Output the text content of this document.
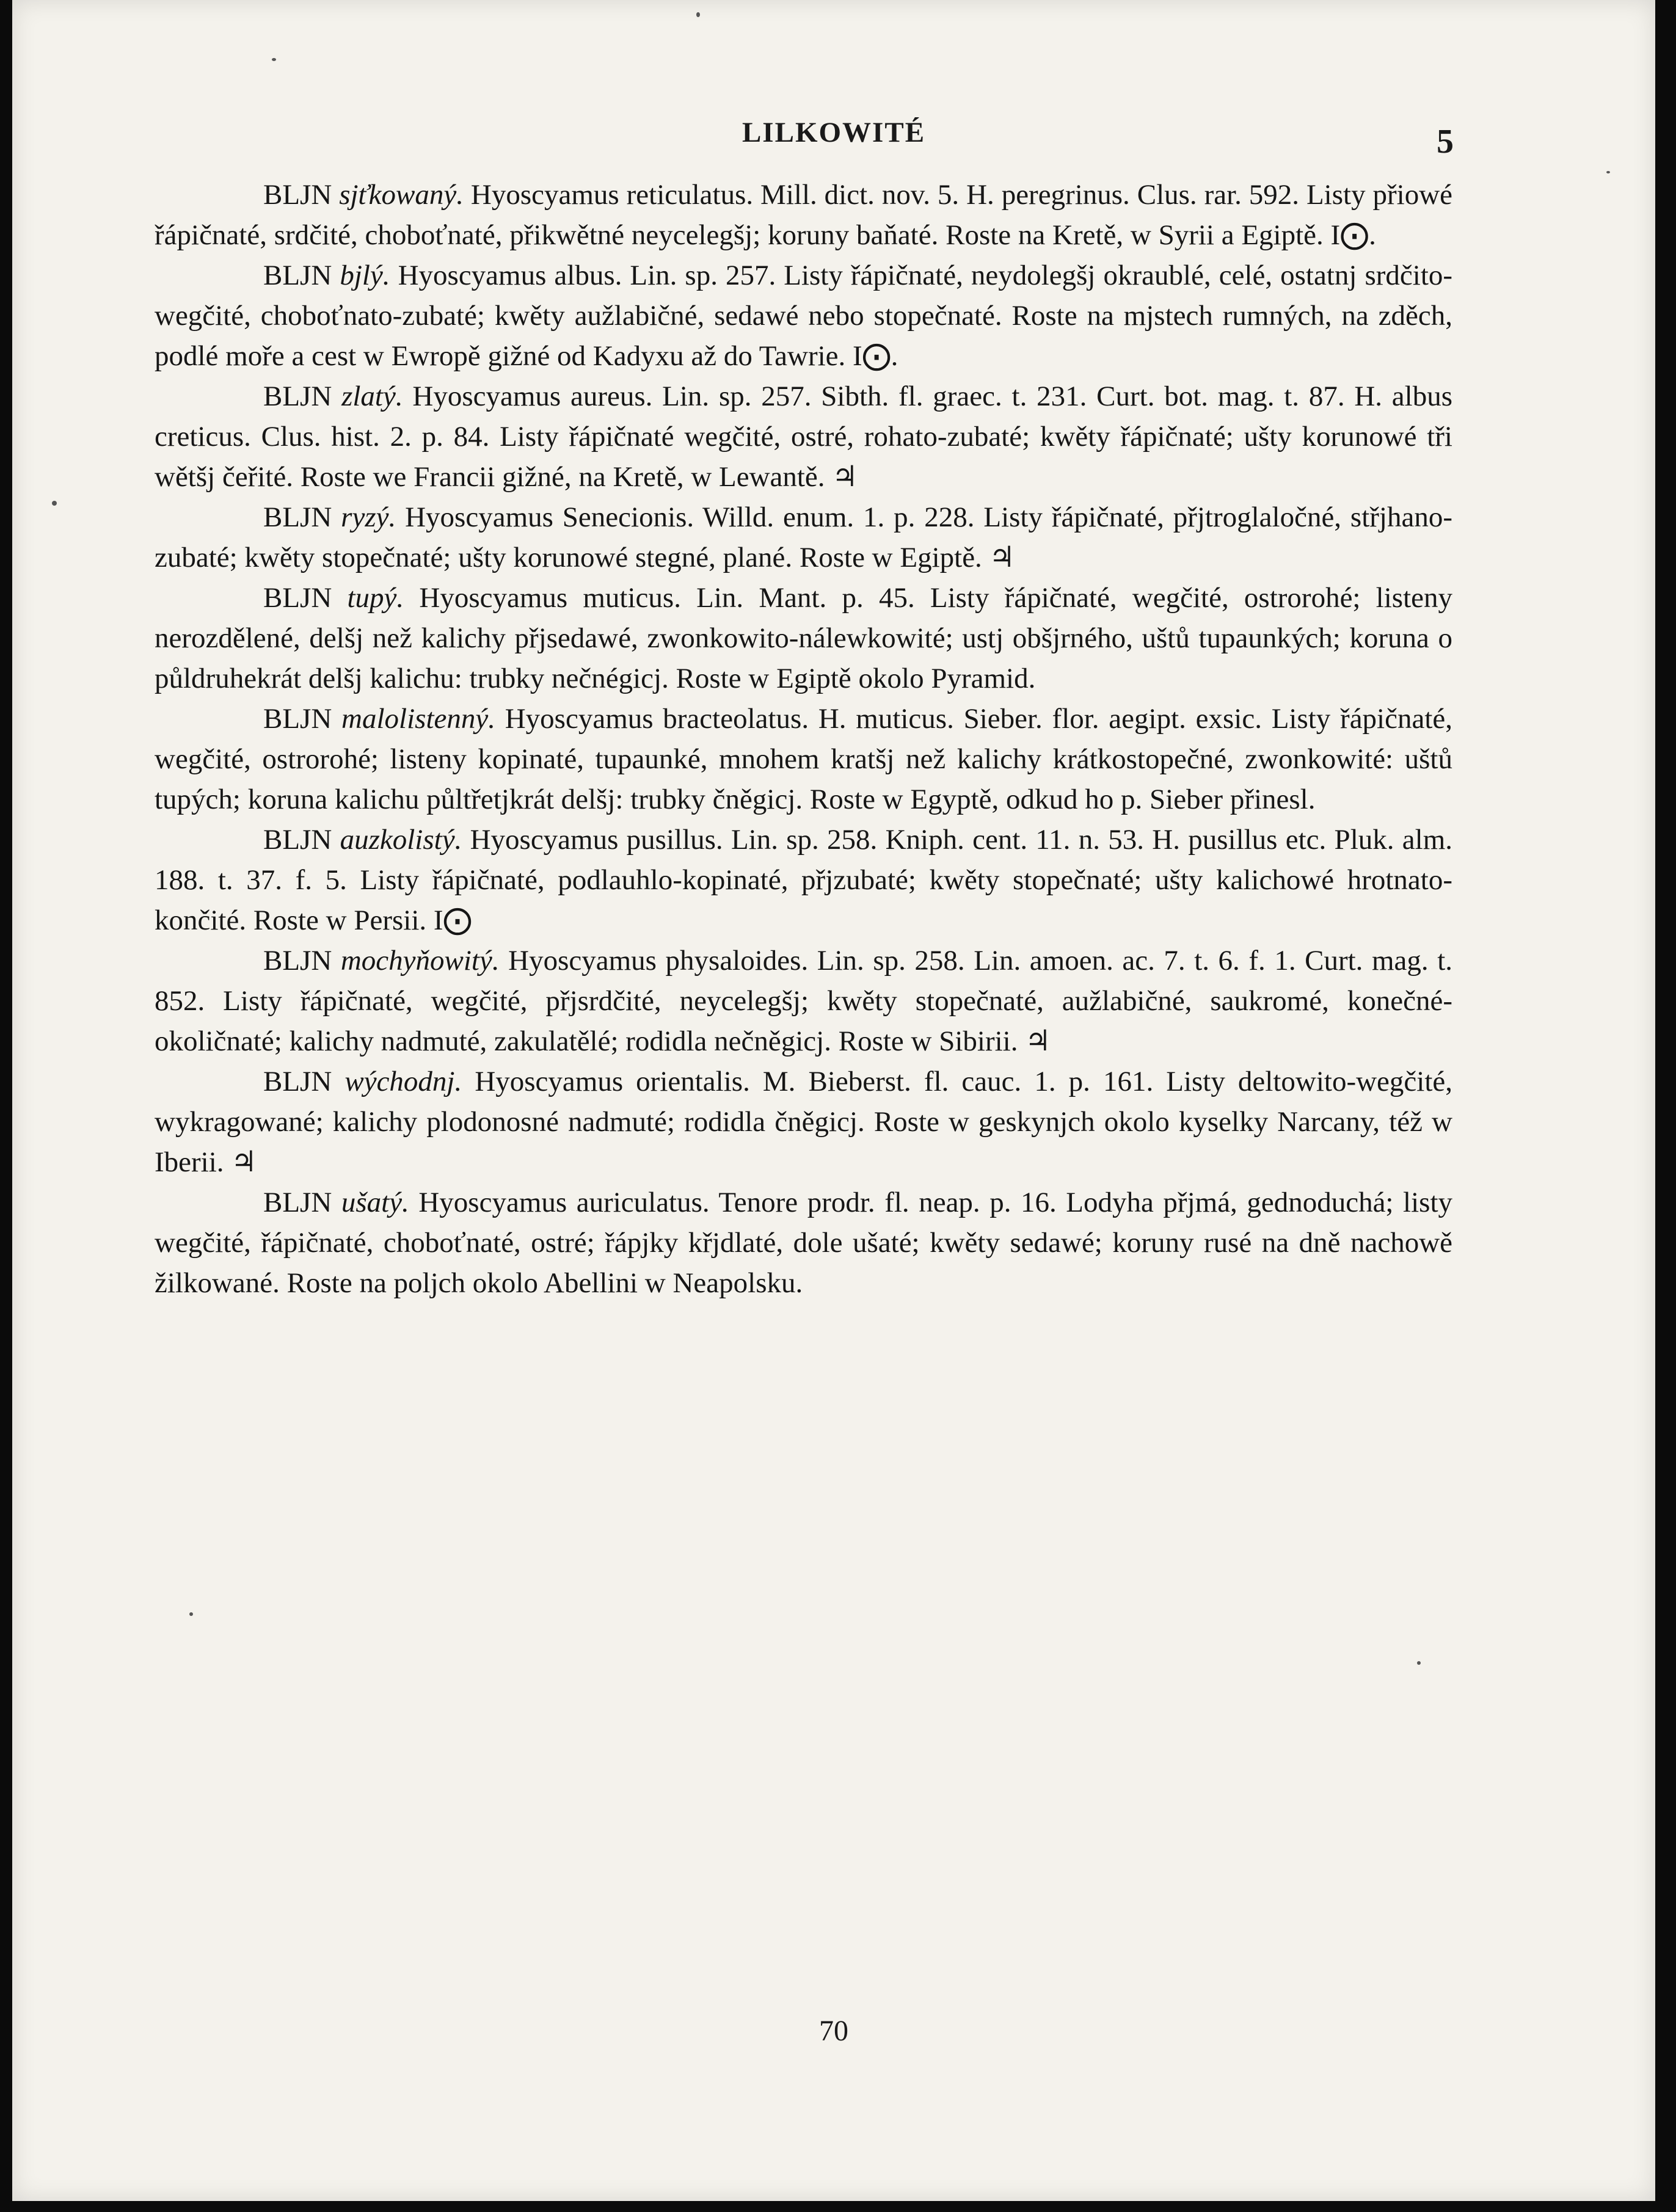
LILKOWITÉ	5

BLJN sjťkowaný. Hyoscyamus reticulatus. Mill. dict. nov. 5. H. peregrinus. Clus. rar. 592. Listy přiowé řápičnaté, srdčité, choboťnaté, přikwětné neycelegšj; koruny baňaté. Roste na Kretě, w Syrii a Egiptě. I⨀.

BLJN bjlý. Hyoscyamus albus. Lin. sp. 257. Listy řápičnaté, neydolegšj okraublé, celé, ostatnj srdčito-wegčité, choboťnato-zubaté; kwěty aužlabičné, sedawé nebo stopečnaté. Roste na mjstech rumných, na zděch, podlé moře a cest w Ewropě gižné od Kadyxu až do Tawrie. I⨀.

BLJN zlatý. Hyoscyamus aureus. Lin. sp. 257. Sibth. fl. graec. t. 231. Curt. bot. mag. t. 87. H. albus creticus. Clus. hist. 2. p. 84. Listy řápičnaté wegčité, ostré, rohato-zubaté; kwěty řápičnaté; ušty korunowé tři wětšj čeřité. Roste we Francii gižné, na Kretě, w Lewantě. ♃

BLJN ryzý. Hyoscyamus Senecionis. Willd. enum. 1. p. 228. Listy řápičnaté, přjtroglaločné, střjhano-zubaté; kwěty stopečnaté; ušty korunowé stegné, plané. Roste w Egiptě. ♃

BLJN tupý. Hyoscyamus muticus. Lin. Mant. p. 45. Listy řápičnaté, wegčité, ostrorohé; listeny nerozdělené, delšj než kalichy přjsedawé, zwonkowito-nálewkowité; ustj obšjrného, uštů tupaunkých; koruna o půldruhekrát delšj kalichu: trubky nečnégicj. Roste w Egiptě okolo Pyramid.

BLJN malolistenný. Hyoscyamus bracteolatus. H. muticus. Sieber. flor. aegipt. exsic. Listy řápičnaté, wegčité, ostrorohé; listeny kopinaté, tupaunké, mnohem kratšj než kalichy krátkostopečné, zwonkowité: uštů tupých; koruna kalichu půltřetjkrát delšj: trubky čněgicj. Roste w Egyptě, odkud ho p. Sieber přinesl.

BLJN auzkolistý. Hyoscyamus pusillus. Lin. sp. 258. Kniph. cent. 11. n. 53. H. pusillus etc. Pluk. alm. 188. t. 37. f. 5. Listy řápičnaté, podlauhlo-kopinaté, přjzubaté; kwěty stopečnaté; ušty kalichowé hrotnato-končité. Roste w Persii. I⨀

BLJN mochyňowitý. Hyoscyamus physaloides. Lin. sp. 258. Lin. amoen. ac. 7. t. 6. f. 1. Curt. mag. t. 852. Listy řápičnaté, wegčité, přjsrdčité, neycelegšj; kwěty stopečnaté, aužlabičné, saukromé, konečné-okoličnaté; kalichy nadmuté, zakulatělé; rodidla nečněgicj. Roste w Sibirii. ♃

BLJN wýchodnj. Hyoscyamus orientalis. M. Bieberst. fl. cauc. 1. p. 161. Listy deltowito-wegčité, wykragowané; kalichy plodonosné nadmuté; rodidla čněgicj. Roste w geskynjch okolo kyselky Narcany, též w Iberii. ♃

BLJN ušatý. Hyoscyamus auriculatus. Tenore prodr. fl. neap. p. 16. Lodyha přjmá, gednoduchá; listy wegčité, řápičnaté, choboťnaté, ostré; řápjky křjdlaté, dole ušaté; kwěty sedawé; koruny rusé na dně nachowě žilkowané. Roste na poljch okolo Abellini w Neapolsku.

70
